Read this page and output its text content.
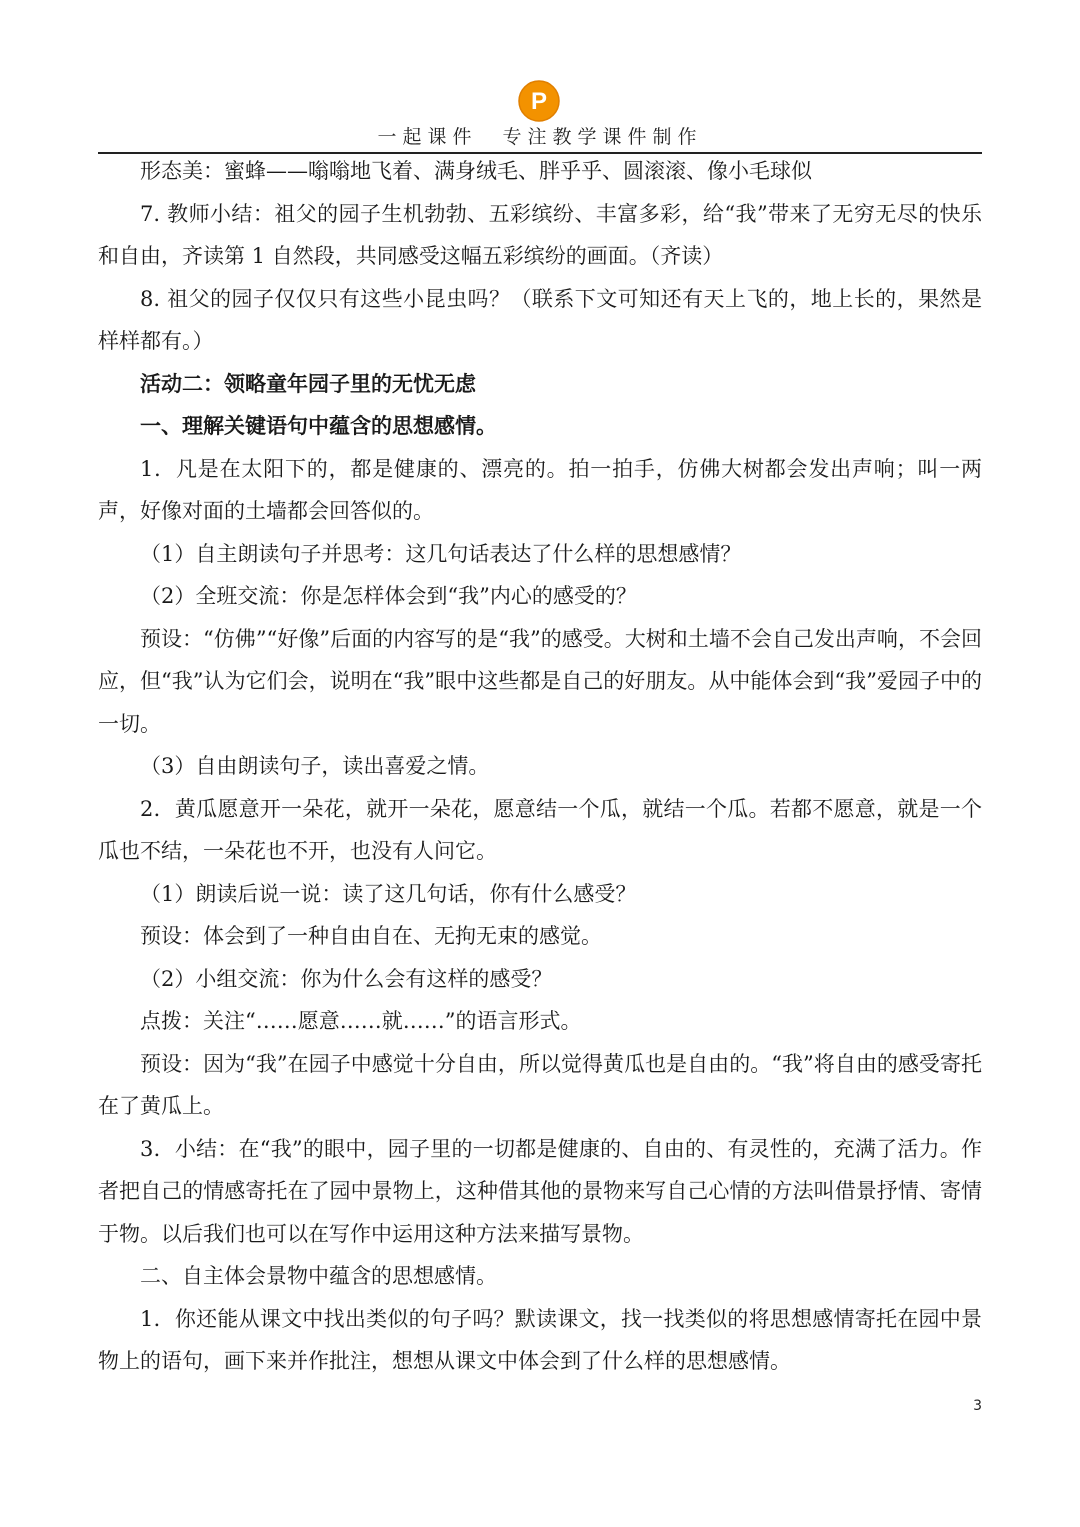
P
一起课件　专注教学课件制作

形态美：蜜蜂——嗡嗡地飞着、满身绒毛、胖乎乎、圆滚滚、像小毛球似

7. 教师小结：祖父的园子生机勃勃、五彩缤纷、丰富多彩，给“我”带来了无穷无尽的快乐和自由，齐读第 1 自然段，共同感受这幅五彩缤纷的画面。（齐读）

8. 祖父的园子仅仅只有这些小昆虫吗？（联系下文可知还有天上飞的，地上长的，果然是样样都有。）

活动二：领略童年园子里的无忧无虑

一、理解关键语句中蕴含的思想感情。

1．凡是在太阳下的，都是健康的、漂亮的。拍一拍手，仿佛大树都会发出声响；叫一两声，好像对面的土墙都会回答似的。

（1）自主朗读句子并思考：这几句话表达了什么样的思想感情？

（2）全班交流：你是怎样体会到“我”内心的感受的？

预设：“仿佛”“好像”后面的内容写的是“我”的感受。大树和土墙不会自己发出声响，不会回应，但“我”认为它们会，说明在“我”眼中这些都是自己的好朋友。从中能体会到“我”爱园子中的一切。

（3）自由朗读句子，读出喜爱之情。

2．黄瓜愿意开一朵花，就开一朵花，愿意结一个瓜，就结一个瓜。若都不愿意，就是一个瓜也不结，一朵花也不开，也没有人问它。

（1）朗读后说一说：读了这几句话，你有什么感受？

预设：体会到了一种自由自在、无拘无束的感觉。

（2）小组交流：你为什么会有这样的感受？

点拨：关注“……愿意……就……”的语言形式。

预设：因为“我”在园子中感觉十分自由，所以觉得黄瓜也是自由的。“我”将自由的感受寄托在了黄瓜上。

3．小结：在“我”的眼中，园子里的一切都是健康的、自由的、有灵性的，充满了活力。作者把自己的情感寄托在了园中景物上，这种借其他的景物来写自己心情的方法叫借景抒情、寄情于物。以后我们也可以在写作中运用这种方法来描写景物。

二、自主体会景物中蕴含的思想感情。

1．你还能从课文中找出类似的句子吗？默读课文，找一找类似的将思想感情寄托在园中景物上的语句，画下来并作批注，想想从课文中体会到了什么样的思想感情。

3
